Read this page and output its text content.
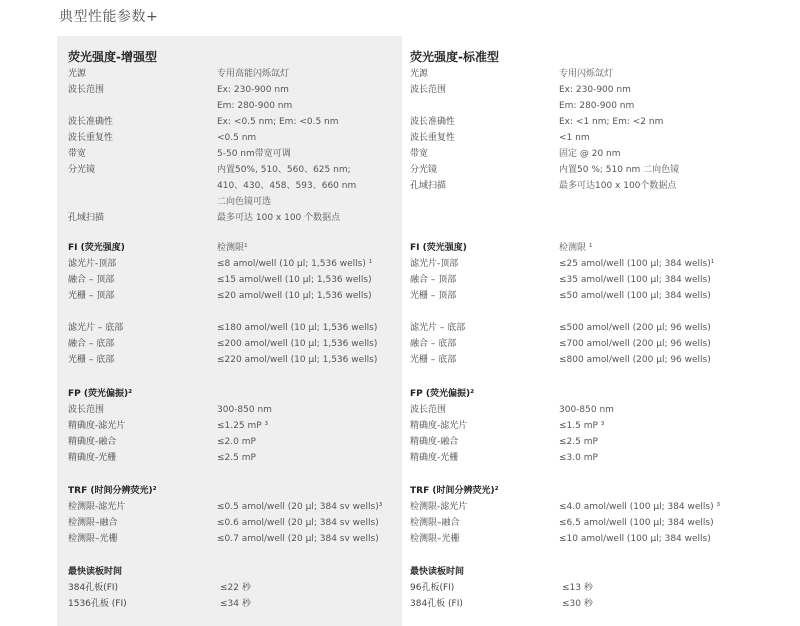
典型性能参数+
荧光强度-增强型
光源	专用高能闪烁氙灯
波长范围	Ex: 230-900 nm
Em: 280-900 nm
波长准确性	Ex: <0.5 nm; Em: <0.5 nm
波长重复性	<0.5 nm
带宽	5-50 nm带宽可调
分光镜	内置50%, 510、560、625 nm;
410、430、458、593、660 nm
二向色镜可选
孔域扫描	最多可达 100 x 100 个数据点
FI (荧光强度)	检测限¹
滤光片-顶部	≤8 amol/well (10 µl; 1,536 wells) ¹
融合 – 顶部	≤15 amol/well (10 µl; 1,536 wells)
光栅 – 顶部	≤20 amol/well (10 µl; 1,536 wells)
滤光片 – 底部	≤180 amol/well (10 µl; 1,536 wells)
融合 – 底部	≤200 amol/well (10 µl; 1,536 wells)
光栅 – 底部	≤220 amol/well (10 µl; 1,536 wells)
FP (荧光偏振)²
波长范围	300-850 nm
精确度-滤光片	≤1.25 mP ³
精确度-融合	≤2.0 mP
精确度-光栅	≤2.5 mP
TRF (时间分辨荧光)²
检测限-滤光片	≤0.5 amol/well (20 µl; 384 sv wells)³
检测限–融合	≤0.6 amol/well (20 µl; 384 sv wells)
检测限–光栅	≤0.7 amol/well (20 µl; 384 sv wells)
最快读板时间
384孔板(FI)	≤22 秒
1536孔板 (FI)	≤34 秒
荧光强度-标准型
光源	专用闪烁氙灯
波长范围	Ex: 230-900 nm
Em: 280-900 nm
波长准确性	Ex: <1 nm; Em: <2 nm
波长重复性	<1 nm
带宽	固定 @ 20 nm
分光镜	内置50 %; 510 nm 二向色镜
孔域扫描	最多可达100 x 100个数据点
FI (荧光强度)	检测限 ¹
滤光片-顶部	≤25 amol/well (100 µl; 384 wells)¹
融合 – 顶部	≤35 amol/well (100 µl; 384 wells)
光栅 – 顶部	≤50 amol/well (100 µl; 384 wells)
滤光片 – 底部	≤500 amol/well (200 µl; 96 wells)
融合 – 底部	≤700 amol/well (200 µl; 96 wells)
光栅 – 底部	≤800 amol/well (200 µl; 96 wells)
FP (荧光偏振)²
波长范围	300-850 nm
精确度-滤光片	≤1.5 mP ³
精确度-融合	≤2.5 mP
精确度-光栅	≤3.0 mP
TRF (时间分辨荧光)²
检测限-滤光片	≤4.0 amol/well (100 µl; 384 wells) ³
检测限–融合	≤6.5 amol/well (100 µl; 384 wells)
检测限–光栅	≤10 amol/well (100 µl; 384 wells)
最快读板时间
96孔板(FI)	≤13 秒
384孔板 (FI)	≤30 秒
